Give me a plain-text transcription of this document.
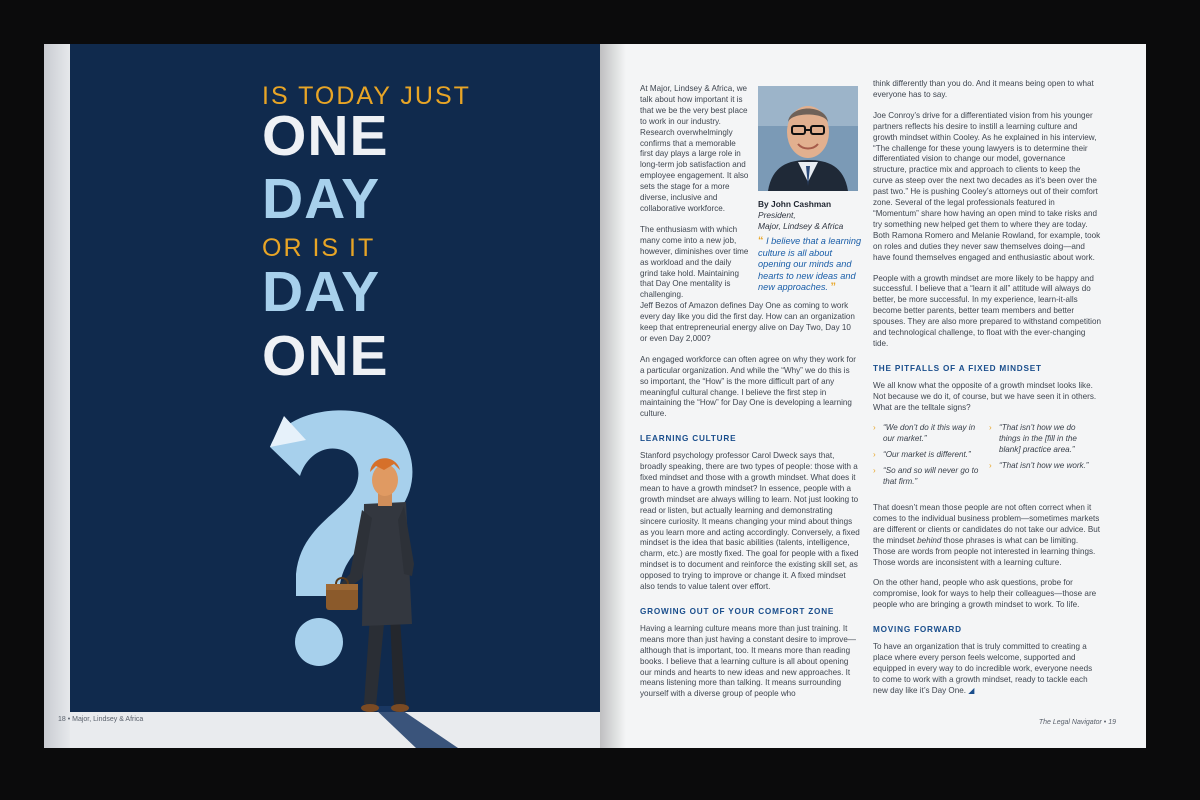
IS TODAY JUST
ONE
DAY
OR IS IT
DAY
ONE
18 • Major, Lindsey & Africa

At Major, Lindsey & Africa, we talk about how important it is that we be the very best place to work in our industry. Research overwhelmingly confirms that a memorable first day plays a large role in long-term job satisfaction and employee engagement. It also sets the stage for a more diverse, inclusive and collaborative workforce.

The enthusiasm with which many come into a new job, however, diminishes over time as workload and the daily grind take hold. Maintaining that Day One mentality is challenging.

Jeff Bezos of Amazon defines Day One as coming to work every day like you did the first day. How can an organization keep that entrepreneurial energy alive on Day Two, Day 10 or even Day 2,000?

An engaged workforce can often agree on why they work for a particular organization. And while the “Why” we do this is so important, the “How” is the more difficult part of any meaningful cultural change. I believe the first step in maintaining the “How” for Day One is developing a learning culture.

LEARNING CULTURE

Stanford psychology professor Carol Dweck says that, broadly speaking, there are two types of people: those with a fixed mindset and those with a growth mindset. What does it mean to have a growth mindset? In essence, people with a growth mindset are always willing to learn. Not just looking to read or listen, but actually learning and demonstrating sincere curiosity. It means changing your mind about things as you learn more and acting accordingly. Conversely, a fixed mindset is the idea that basic abilities (talents, intelligence, charm, etc.) are mostly fixed. The goal for people with a fixed mindset is to document and reinforce the existing skill set, as opposed to trying to improve or change it. A fixed mindset also tends to value talent over effort.

GROWING OUT OF YOUR COMFORT ZONE

Having a learning culture means more than just training. It means more than just having a constant desire to improve—although that is important, too. It means more than reading books. I believe that a learning culture is all about opening our minds and hearts to new ideas and new approaches. It means listening more than talking. It means surrounding yourself with a diverse group of people who

By John Cashman
President,
Major, Lindsey & Africa
“ I believe that a learning culture is all about opening our minds and hearts to new ideas and new approaches. ”

think differently than you do. And it means being open to what everyone has to say.

Joe Conroy’s drive for a differentiated vision from his younger partners reflects his desire to instill a learning culture and growth mindset within Cooley. As he explained in his interview, “The challenge for these young lawyers is to determine their differentiated vision to change our model, governance structure, practice mix and approach to clients to keep the curve as steep over the next two decades as it’s been over the past two.” He is pushing Cooley’s attorneys out of their comfort zone. Several of the legal professionals featured in “Momentum” share how having an open mind to take risks and try something new helped get them to where they are today. Both Ramona Romero and Melanie Rowland, for example, took on roles and duties they never saw themselves doing—and have found themselves engaged and enthusiastic about work.

People with a growth mindset are more likely to be happy and successful. I believe that a “learn it all” attitude will always do better, be more successful. In my experience, learn-it-alls become better parents, better team members and better spouses. They are also more prepared to withstand competition and technological challenge, to float with the ever-changing tide.

THE PITFALLS OF A FIXED MINDSET

We all know what the opposite of a growth mindset looks like. Not because we do it, of course, but we have seen it in others. What are the telltale signs?

› “We don’t do it this way in our market.”
› “Our market is different.”
› “So and so will never go to that firm.”
› “That isn’t how we do things in the [fill in the blank] practice area.”
› “That isn’t how we work.”

That doesn’t mean those people are not often correct when it comes to the individual business problem—sometimes markets are different or clients or candidates do not take our advice. But the mindset behind those phrases is what can be limiting. Those are words from people not interested in learning things. Those words are inconsistent with a learning culture.

On the other hand, people who ask questions, probe for compromise, look for ways to help their colleagues—those are people who are bringing a growth mindset to work. To life.

MOVING FORWARD

To have an organization that is truly committed to creating a place where every person feels welcome, supported and equipped in every way to do incredible work, everyone needs to come to work with a growth mindset, ready to tackle each new day like it’s Day One. ◢

The Legal Navigator • 19
